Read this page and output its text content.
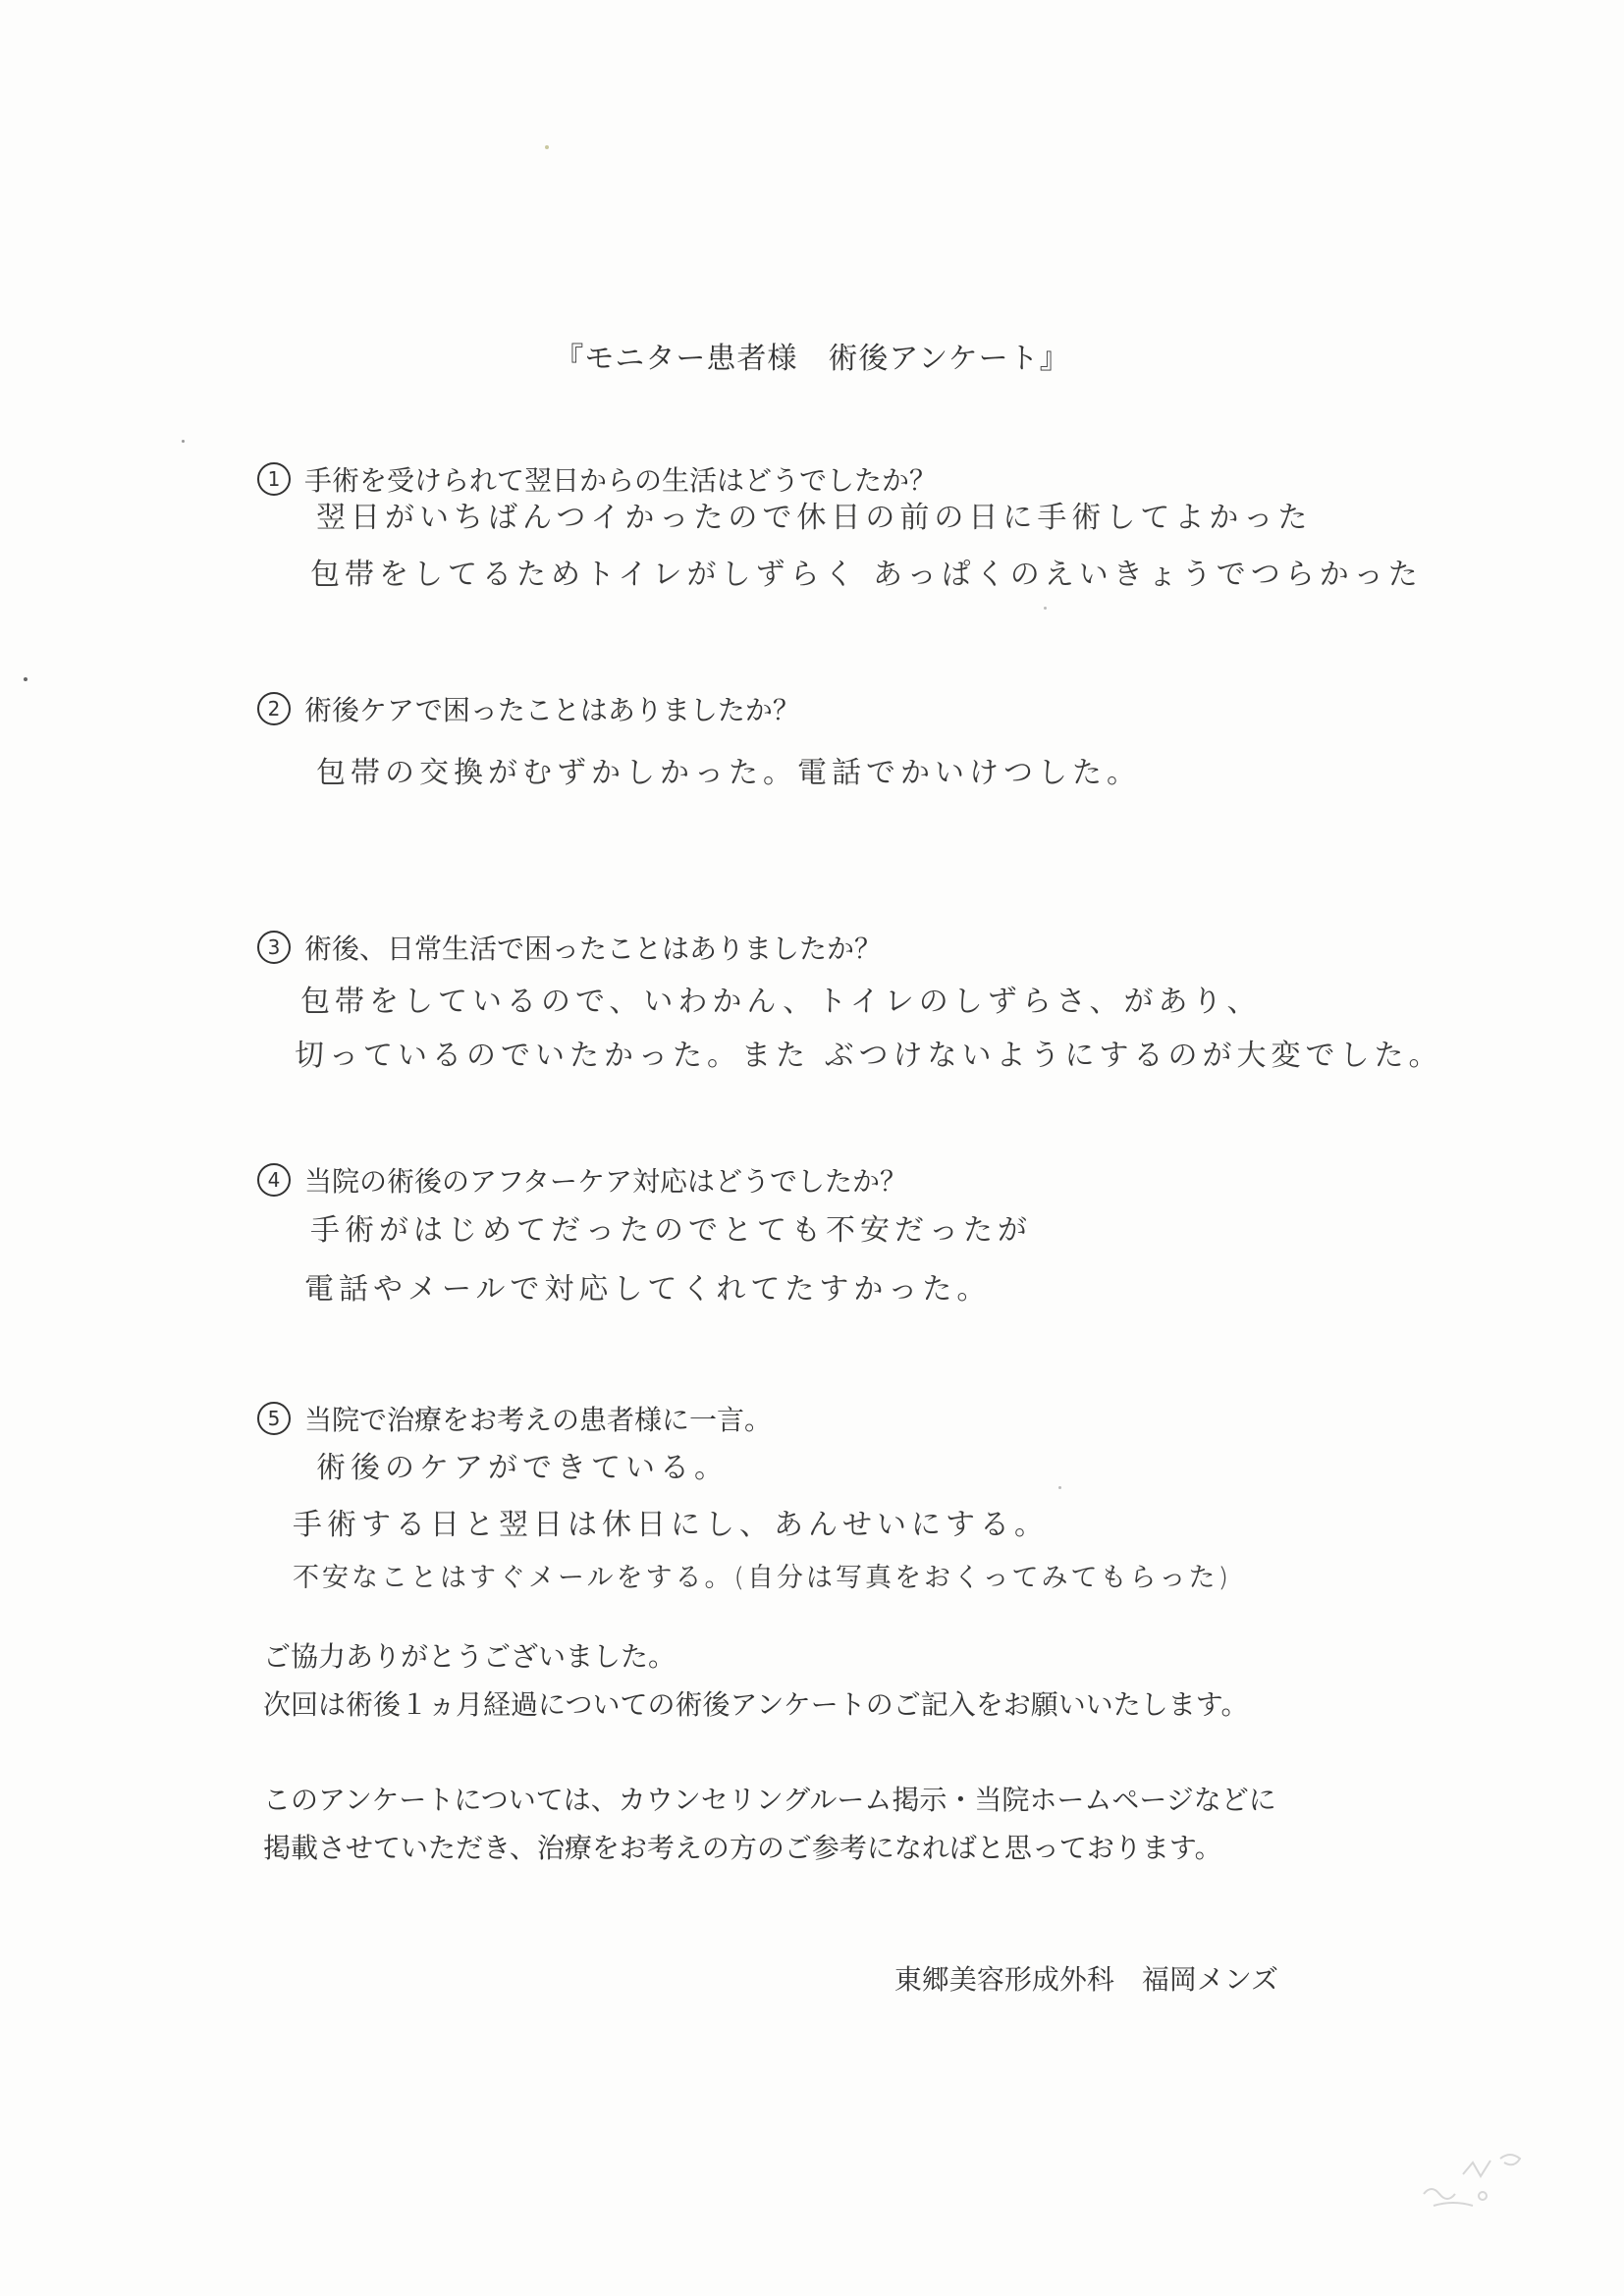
『モニター患者様　術後アンケート』
1 手術を受けられて翌日からの生活はどうでしたか？
翌日がいちばんつイかったので休日の前の日に手術してよかった
包帯をしてるためトイレがしずらく あっぱくのえいきょうでつらかった
2 術後ケアで困ったことはありましたか？
包帯の交換がむずかしかった。電話でかいけつした。
3 術後、日常生活で困ったことはありましたか？
包帯をしているので、いわかん、トイレのしずらさ、があり、
切っているのでいたかった。また ぶつけないようにするのが大変でした。
4 当院の術後のアフターケア対応はどうでしたか？
手術がはじめてだったのでとても不安だったが
電話やメールで対応してくれてたすかった。
5 当院で治療をお考えの患者様に一言。
術後のケアができている。
手術する日と翌日は休日にし、あんせいにする。
不安なことはすぐメールをする。(自分は写真をおくってみてもらった)
ご協力ありがとうございました。
次回は術後１ヵ月経過についての術後アンケートのご記入をお願いいたします。
このアンケートについては、カウンセリングルーム掲示・当院ホームページなどに
掲載させていただき、治療をお考えの方のご参考になればと思っております。
東郷美容形成外科　福岡メンズ
